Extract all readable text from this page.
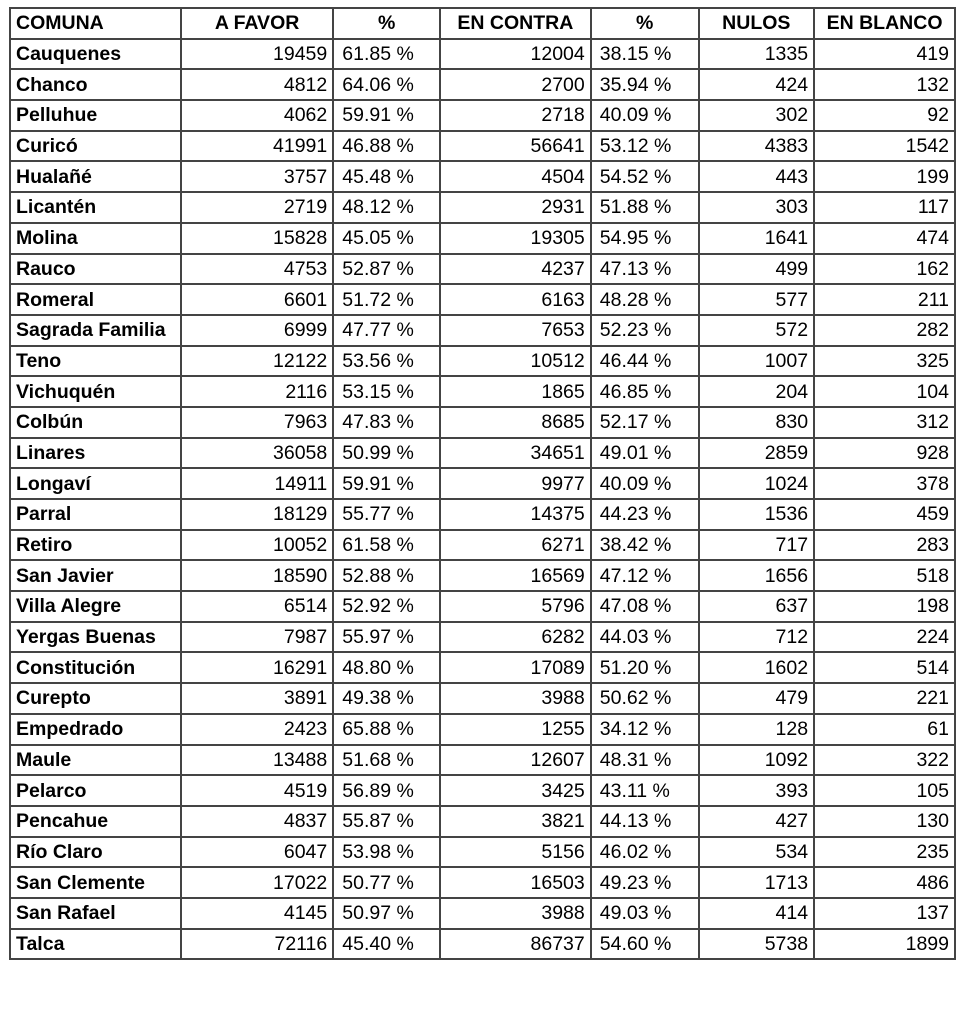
COMUNA	A FAVOR	%	EN CONTRA	%	NULOS	EN BLANCO
Cauquenes	19459	61.85 %	12004	38.15 %	1335	419
Chanco	4812	64.06 %	2700	35.94 %	424	132
Pelluhue	4062	59.91 %	2718	40.09 %	302	92
Curicó	41991	46.88 %	56641	53.12 %	4383	1542
Hualañé	3757	45.48 %	4504	54.52 %	443	199
Licantén	2719	48.12 %	2931	51.88 %	303	117
Molina	15828	45.05 %	19305	54.95 %	1641	474
Rauco	4753	52.87 %	4237	47.13 %	499	162
Romeral	6601	51.72 %	6163	48.28 %	577	211
Sagrada Familia	6999	47.77 %	7653	52.23 %	572	282
Teno	12122	53.56 %	10512	46.44 %	1007	325
Vichuquén	2116	53.15 %	1865	46.85 %	204	104
Colbún	7963	47.83 %	8685	52.17 %	830	312
Linares	36058	50.99 %	34651	49.01 %	2859	928
Longaví	14911	59.91 %	9977	40.09 %	1024	378
Parral	18129	55.77 %	14375	44.23 %	1536	459
Retiro	10052	61.58 %	6271	38.42 %	717	283
San Javier	18590	52.88 %	16569	47.12 %	1656	518
Villa Alegre	6514	52.92 %	5796	47.08 %	637	198
Yergas Buenas	7987	55.97 %	6282	44.03 %	712	224
Constitución	16291	48.80 %	17089	51.20 %	1602	514
Curepto	3891	49.38 %	3988	50.62 %	479	221
Empedrado	2423	65.88 %	1255	34.12 %	128	61
Maule	13488	51.68 %	12607	48.31 %	1092	322
Pelarco	4519	56.89 %	3425	43.11 %	393	105
Pencahue	4837	55.87 %	3821	44.13 %	427	130
Río Claro	6047	53.98 %	5156	46.02 %	534	235
San Clemente	17022	50.77 %	16503	49.23 %	1713	486
San Rafael	4145	50.97 %	3988	49.03 %	414	137
Talca	72116	45.40 %	86737	54.60 %	5738	1899
